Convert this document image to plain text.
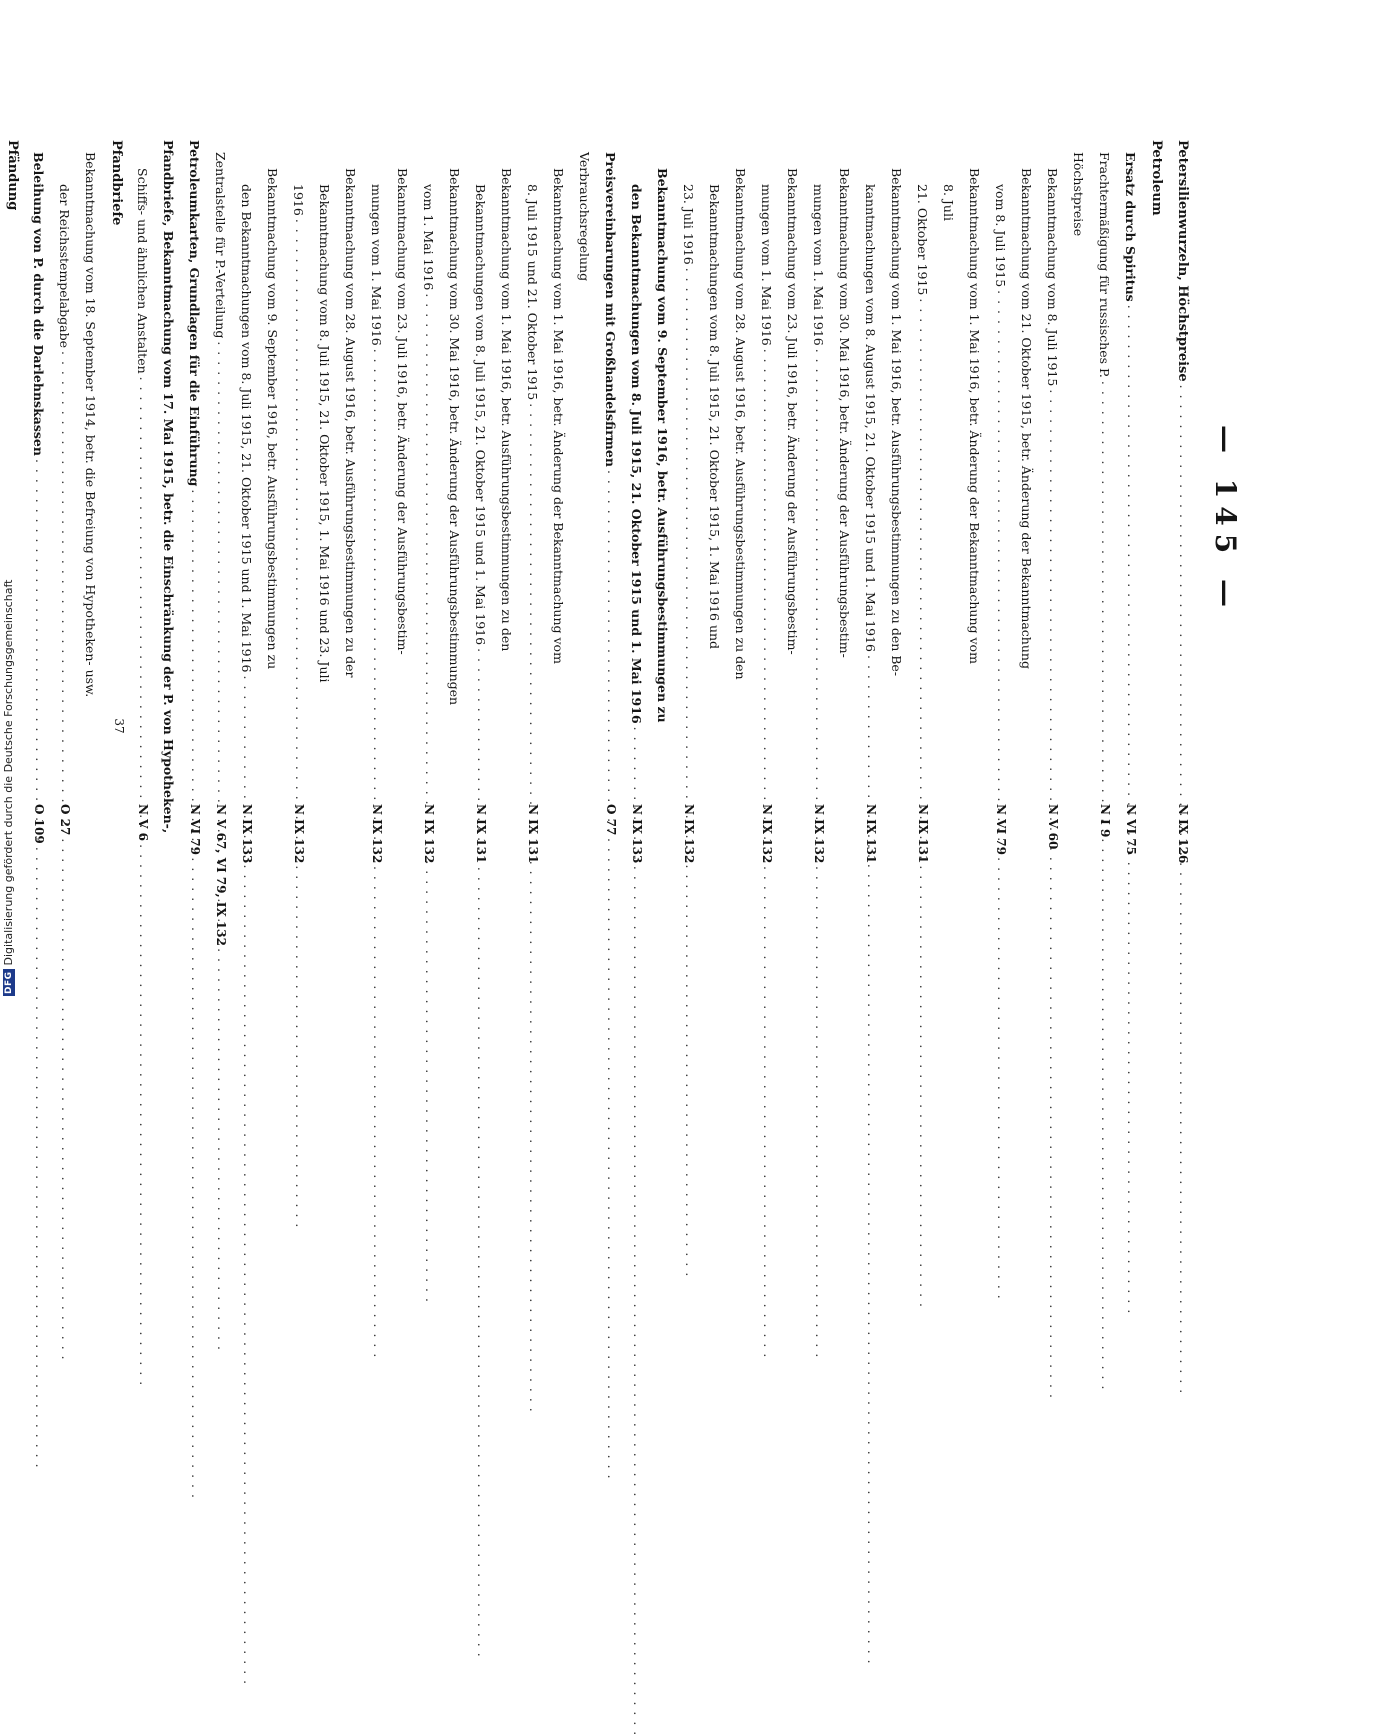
— 145 —
Petersilienwurzeln, Höchstpreise
. . .
N IX 126
Petroleum
Ersatz durch Spiritus
. . .
N VI 75
Frachtermäßigung für russisches P.
. . .
N I 9
Höchstpreise
Bekanntmachung vom 8. Juli 1915
. . .
N V 60
Bekanntmachung vom 21. Oktober 1915, betr. Änderung der Bekanntmachung
vom 8. Juli 1915
. . .
N VI 79
Bekanntmachung vom 1. Mai 1916, betr. Änderung der Bekanntmachung vom
8. Juli
21. Oktober 1915
. . .
N IX 131
Bekanntmachung vom 1. Mai 1916, betr. Ausführungsbestimmungen zu den Be-
kanntmachungen vom 8. August 1915, 21. Oktober 1915 und 1. Mai 1916
. . .
N IX 131
Bekanntmachung vom 30. Mai 1916, betr. Änderung der Ausführungsbestim-
mungen vom 1. Mai 1916
. . .
N IX 132
Bekanntmachung vom 23. Juli 1916, betr. Änderung der Ausführungsbestim-
mungen vom 1. Mai 1916
. . .
N IX 132
Bekanntmachung vom 28. August 1916, betr. Ausführungsbestimmungen zu den
Bekanntmachungen vom 8. Juli 1915, 21. Oktober 1915, 1. Mai 1916 und
23. Juli 1916
. . .
N IX 132
Bekanntmachung vom 9. September 1916, betr. Ausführungsbestimmungen zu
den Bekanntmachungen vom 8. Juli 1915, 21. Oktober 1915 und 1. Mai 1916
. . .
N IX 133
Preisvereinbarungen mit Großhandelsfirmen
. . .
O 77
Verbrauchsregelung
Bekanntmachung vom 1. Mai 1916, betr. Änderung der Bekanntmachung vom
8. Juli 1915 und 21. Oktober 1915
. . .
N IX 131
Bekanntmachung vom 1. Mai 1916, betr. Ausführungsbestimmungen zu den
Bekanntmachungen vom 8. Juli 1915, 21. Oktober 1915 und 1. Mai 1916
. . .
N IX 131
Bekanntmachung vom 30. Mai 1916, betr. Änderung der Ausführungsbestimmungen
vom 1. Mai 1916
. . .
N IX 132
Bekanntmachung vom 23. Juli 1916, betr. Änderung der Ausführungsbestim-
mungen vom 1. Mai 1916
. . .
N IX 132
Bekanntmachung vom 28. August 1916, betr. Ausführungsbestimmungen zu der
Bekanntmachung vom 8. Juli 1915, 21. Oktober 1915, 1. Mai 1916 und 23. Juli
1916
. . .
N IX 132
Bekanntmachung vom 9. September 1916, betr. Ausführungsbestimmungen zu
den Bekanntmachungen vom 8. Juli 1915, 21. Oktober 1915 und 1. Mai 1916
. . .
N IX 133
Zentralstelle für P.-Verteilung
. . .
N V 67, VI 79, IX 132
Petroleumkarten, Grundlagen für die Einführung
. . .
N VI 79
Pfandbriefe, Bekanntmachung vom 17. Mai 1915, betr. die Einschränkung der P. von Hypotheken-,
Schiffs- und ähnlichen Anstalten
. . .
N V 6
Pfandbriefe
Bekanntmachung vom 18. September 1914, betr. die Befreiung von Hypotheken- usw.
der Reichsstempelabgabe
. . .
O 27
Beleihung von P. durch die Darlehnskassen
. . .
O 109
Pfändung
37
DFG
Digitalisierung gefördert durch die Deutsche Forschungsgemeinschaft
